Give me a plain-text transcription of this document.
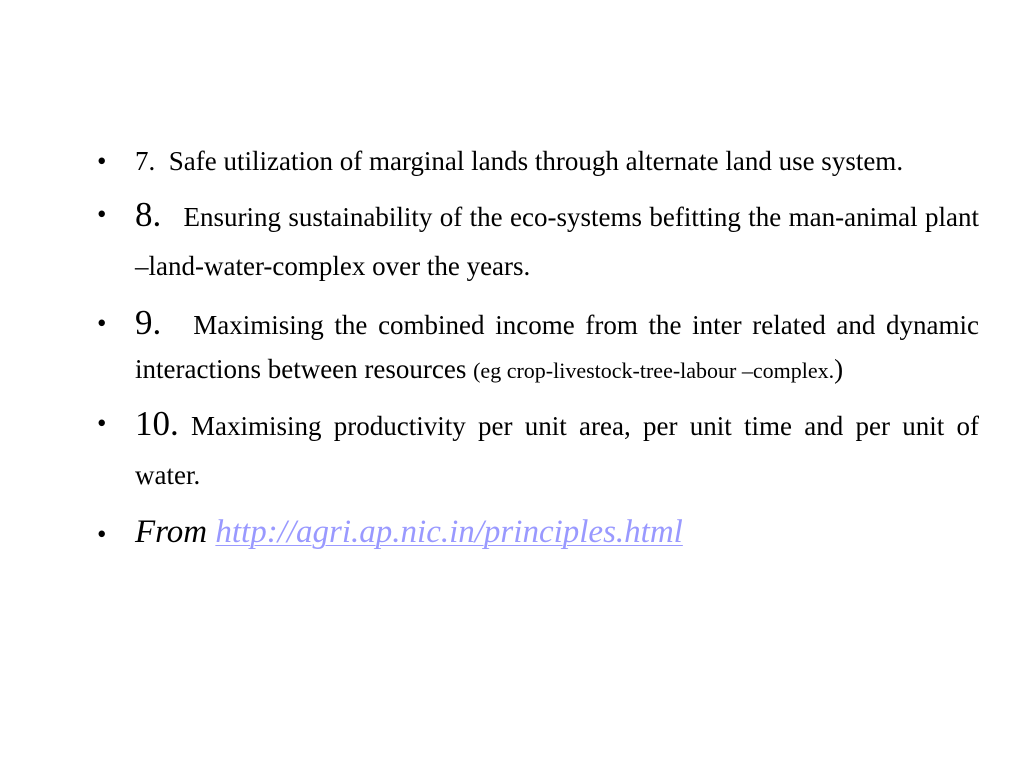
• 7. Safe utilization of marginal lands through alternate land use system.
• 8. Ensuring sustainability of the eco-systems befitting the man-animal plant –land-water-complex over the years.
• 9. Maximising the combined income from the inter related and dynamic interactions between resources (eg crop-livestock-tree-labour –complex.)
• 10. Maximising productivity per unit area, per unit time and per unit of water.
• From http://agri.ap.nic.in/principles.html
